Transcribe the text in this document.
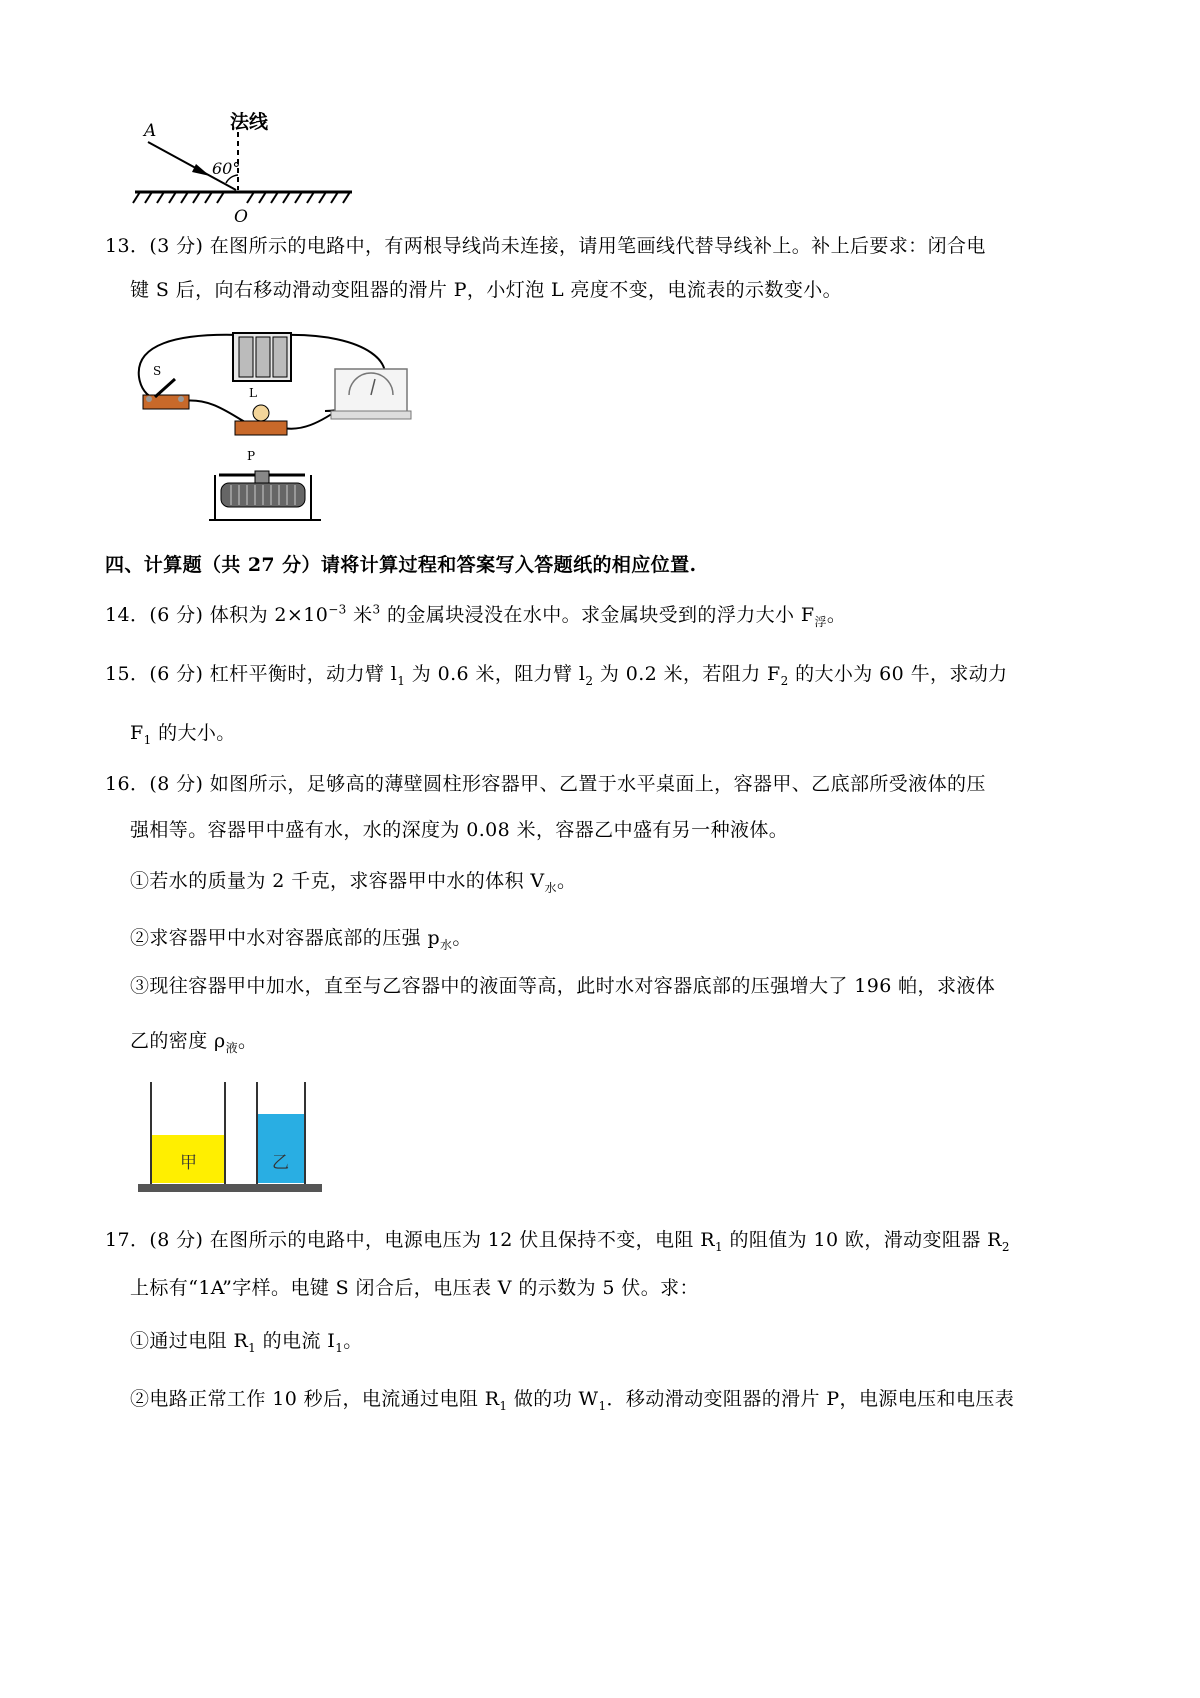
法线
A
60°
O
13．(3 分) 在图所示的电路中，有两根导线尚未连接，请用笔画线代替导线补上。补上后要求：闭合电
键 S 后，向右移动滑动变阻器的滑片 P，小灯泡 L 亮度不变，电流表的示数变小。
S
L
P
四、计算题（共 27 分）请将计算过程和答案写入答题纸的相应位置.
14．(6 分) 体积为 $2\times 10^{-3}$ 米$^3$ 的金属块浸没在水中。求金属块受到的浮力大小 $F_浮$。
15．(6 分) 杠杆平衡时，动力臂 $l_1$ 为 0.6 米，阻力臂 $l_2$ 为 0.2 米，若阻力 $F_2$ 的大小为 60 牛，求动力
$F_1$ 的大小。
16．(8 分) 如图所示，足够高的薄壁圆柱形容器甲、乙置于水平桌面上，容器甲、乙底部所受液体的压
强相等。容器甲中盛有水，水的深度为 0.08 米，容器乙中盛有另一种液体。
①若水的质量为 2 千克，求容器甲中水的体积 $V_水$。
②求容器甲中水对容器底部的压强 $p_水$。
③现往容器甲中加水，直至与乙容器中的液面等高，此时水对容器底部的压强增大了 196 帕，求液体
乙的密度 $\rho_液$。
甲	乙
17．(8 分) 在图所示的电路中，电源电压为 12 伏且保持不变，电阻 $R_1$ 的阻值为 10 欧，滑动变阻器 $R_2$
上标有“1A”字样。电键 S 闭合后，电压表 V 的示数为 5 伏。求：
①通过电阻 $R_1$ 的电流 $I_1$。
②电路正常工作 10 秒后，电流通过电阻 $R_1$ 做的功 $W_1$．移动滑动变阻器的滑片 P，电源电压和电压表
